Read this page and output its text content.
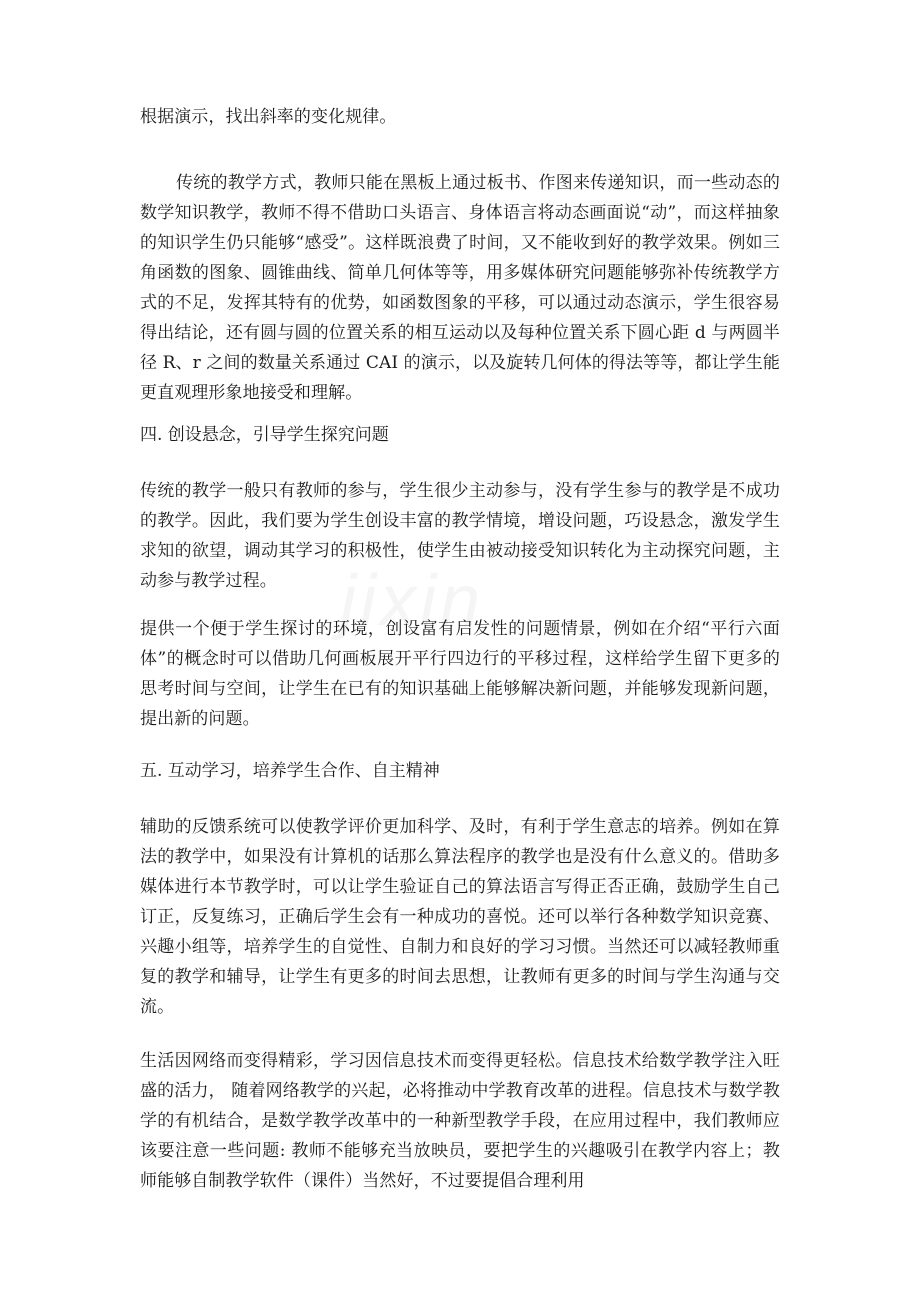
jixin

根据演示，找出斜率的变化规律。

传统的教学方式，教师只能在黑板上通过板书、作图来传递知识，而一些动态的数学知识教学，教师不得不借助口头语言、身体语言将动态画面说“动”，而这样抽象的知识学生仍只能够“感受”。这样既浪费了时间，又不能收到好的教学效果。例如三角函数的图象、圆锥曲线、简单几何体等等，用多媒体研究问题能够弥补传统教学方式的不足，发挥其特有的优势，如函数图象的平移，可以通过动态演示，学生很容易得出结论，还有圆与圆的位置关系的相互运动以及每种位置关系下圆心距 d 与两圆半径 R、r 之间的数量关系通过 CAI 的演示，以及旋转几何体的得法等等，都让学生能更直观理形象地接受和理解。

四. 创设悬念，引导学生探究问题

传统的教学一般只有教师的参与，学生很少主动参与，没有学生参与的教学是不成功的教学。因此，我们要为学生创设丰富的教学情境，增设问题，巧设悬念，激发学生求知的欲望，调动其学习的积极性，使学生由被动接受知识转化为主动探究问题，主动参与教学过程。

提供一个便于学生探讨的环境，创设富有启发性的问题情景，例如在介绍“平行六面体”的概念时可以借助几何画板展开平行四边行的平移过程，这样给学生留下更多的思考时间与空间，让学生在已有的知识基础上能够解决新问题，并能够发现新问题，提出新的问题。

五. 互动学习，培养学生合作、自主精神

辅助的反馈系统可以使教学评价更加科学、及时，有利于学生意志的培养。例如在算法的教学中，如果没有计算机的话那么算法程序的教学也是没有什么意义的。借助多媒体进行本节教学时，可以让学生验证自己的算法语言写得正否正确，鼓励学生自己订正，反复练习，正确后学生会有一种成功的喜悦。还可以举行各种数学知识竞赛、兴趣小组等，培养学生的自觉性、自制力和良好的学习习惯。当然还可以减轻教师重复的教学和辅导，让学生有更多的时间去思想，让教师有更多的时间与学生沟通与交流。

生活因网络而变得精彩，学习因信息技术而变得更轻松。信息技术给数学教学注入旺盛的活力， 随着网络教学的兴起，必将推动中学教育改革的进程。信息技术与数学教学的有机结合，是数学教学改革中的一种新型教学手段，在应用过程中，我们教师应该要注意一些问题: 教师不能够充当放映员，要把学生的兴趣吸引在教学内容上；教师能够自制教学软件（课件）当然好，不过要提倡合理利用
